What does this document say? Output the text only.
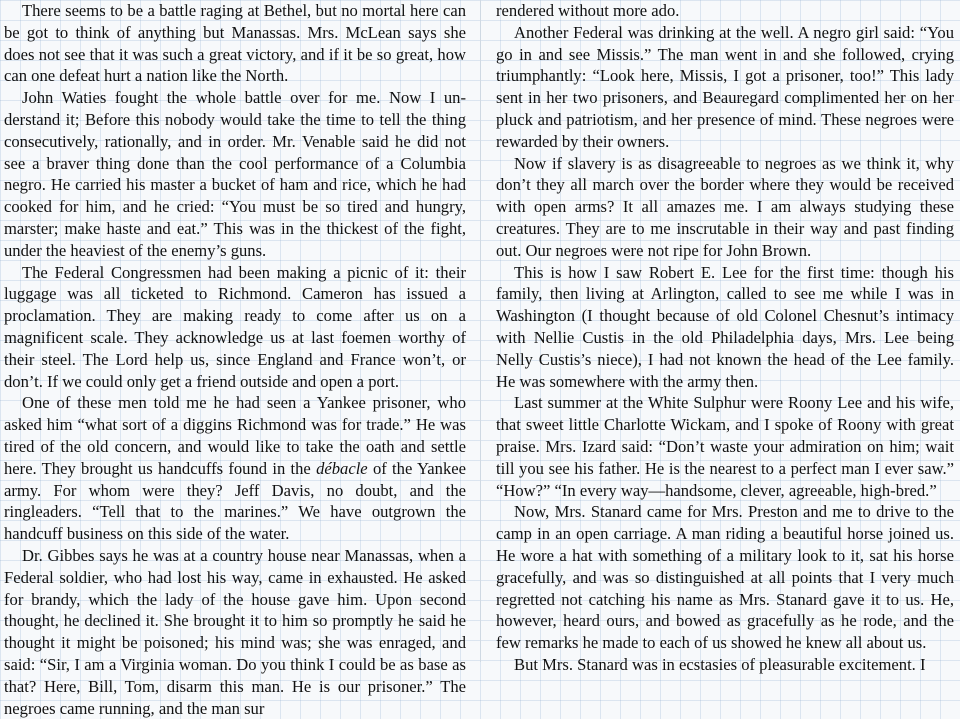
There seems to be a battle raging at Bethel, but no mortal here can be got to think of anything but Manassas. Mrs. McLean says she does not see that it was such a great victory, and if it be so great, how can one defeat hurt a nation like the North.

John Waties fought the whole battle over for me. Now I understand it; Before this nobody would take the time to tell the thing consecutively, rationally, and in order. Mr. Venable said he did not see a braver thing done than the cool performance of a Columbia negro. He carried his master a bucket of ham and rice, which he had cooked for him, and he cried: “You must be so tired and hungry, marster; make haste and eat.” This was in the thickest of the fight, under the heaviest of the enemy’s guns.

The Federal Congressmen had been making a picnic of it: their luggage was all ticketed to Richmond. Cameron has issued a proclamation. They are making ready to come after us on a magnificent scale. They acknowledge us at last foemen worthy of their steel. The Lord help us, since England and France won’t, or don’t. If we could only get a friend outside and open a port.

One of these men told me he had seen a Yankee prisoner, who asked him “what sort of a diggins Richmond was for trade.” He was tired of the old concern, and would like to take the oath and settle here. They brought us handcuffs found in the débacle of the Yankee army. For whom were they? Jeff Davis, no doubt, and the ringleaders. “Tell that to the marines.” We have outgrown the handcuff business on this side of the water.

Dr. Gibbes says he was at a country house near Manassas, when a Federal soldier, who had lost his way, came in exhausted. He asked for brandy, which the lady of the house gave him. Upon second thought, he declined it. She brought it to him so promptly he said he thought it might be poisoned; his mind was; she was enraged, and said: “Sir, I am a Virginia woman. Do you think I could be as base as that? Here, Bill, Tom, disarm this man. He is our prisoner.” The negroes came running, and the man sur

rendered without more ado.

Another Federal was drinking at the well. A negro girl said: “You go in and see Missis.” The man went in and she followed, crying triumphantly: “Look here, Missis, I got a prisoner, too!” This lady sent in her two prisoners, and Beauregard complimented her on her pluck and patriotism, and her presence of mind. These negroes were rewarded by their owners.

Now if slavery is as disagreeable to negroes as we think it, why don’t they all march over the border where they would be received with open arms? It all amazes me. I am always studying these creatures. They are to me inscrutable in their way and past finding out. Our negroes were not ripe for John Brown.

This is how I saw Robert E. Lee for the first time: though his family, then living at Arlington, called to see me while I was in Washington (I thought because of old Colonel Chesnut’s intimacy with Nellie Custis in the old Philadelphia days, Mrs. Lee being Nelly Custis’s niece), I had not known the head of the Lee family. He was somewhere with the army then.

Last summer at the White Sulphur were Roony Lee and his wife, that sweet little Charlotte Wickam, and I spoke of Roony with great praise. Mrs. Izard said: “Don’t waste your admiration on him; wait till you see his father. He is the nearest to a perfect man I ever saw.” “How?” “In every way—handsome, clever, agreeable, high-bred.”

Now, Mrs. Stanard came for Mrs. Preston and me to drive to the camp in an open carriage. A man riding a beautiful horse joined us. He wore a hat with something of a military look to it, sat his horse gracefully, and was so distinguished at all points that I very much regretted not catching his name as Mrs. Stanard gave it to us. He, however, heard ours, and bowed as gracefully as he rode, and the few remarks he made to each of us showed he knew all about us.

But Mrs. Stanard was in ecstasies of pleasurable excitement. I
